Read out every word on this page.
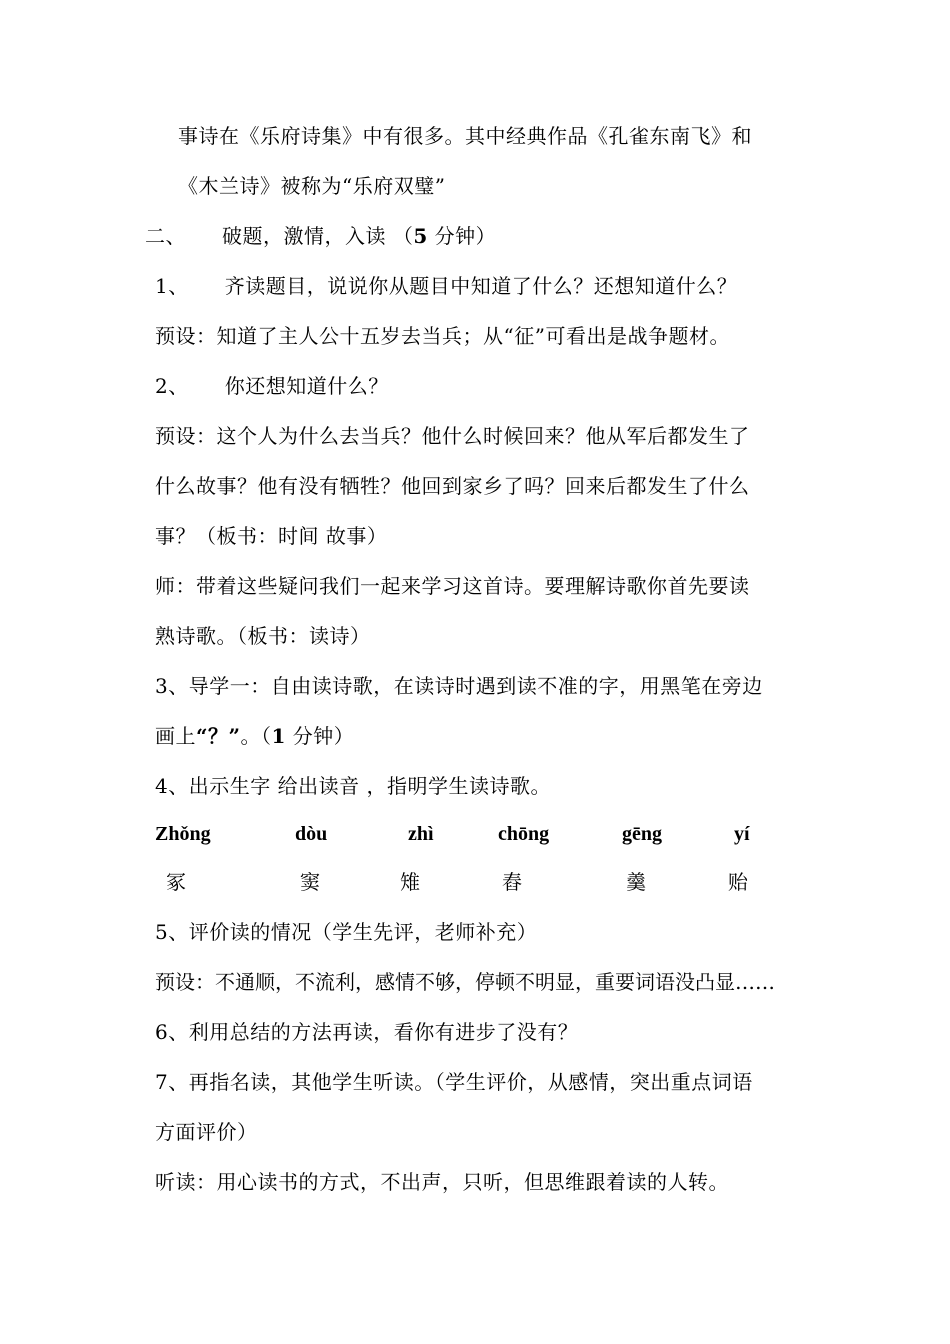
事诗在《乐府诗集》中有很多。其中经典作品《孔雀东南飞》和
《木兰诗》被称为“乐府双璧”
二、 破题，激情，入读 （5 分钟）
1、 齐读题目，说说你从题目中知道了什么？还想知道什么？
预设：知道了主人公十五岁去当兵；从“征”可看出是战争题材。
2、 你还想知道什么？
预设：这个人为什么去当兵？他什么时候回来？他从军后都发生了
什么故事？他有没有牺牲？他回到家乡了吗？回来后都发生了什么
事？（板书：时间 故事）
师：带着这些疑问我们一起来学习这首诗。要理解诗歌你首先要读
熟诗歌。（板书：读诗）
3、导学一：自由读诗歌，在读诗时遇到读不准的字，用黑笔在旁边
画上“？”。（1 分钟）
4、出示生字 给出读音 ，指明学生读诗歌。
Zhǒng	dòu	zhì	chōng	gēng	yí
冢	窦	雉	舂	羹	贻
5、评价读的情况（学生先评，老师补充）
预设：不通顺，不流利，感情不够，停顿不明显，重要词语没凸显……
6、利用总结的方法再读，看你有进步了没有？
7、再指名读，其他学生听读。（学生评价，从感情，突出重点词语
方面评价）
听读：用心读书的方式，不出声，只听，但思维跟着读的人转。
